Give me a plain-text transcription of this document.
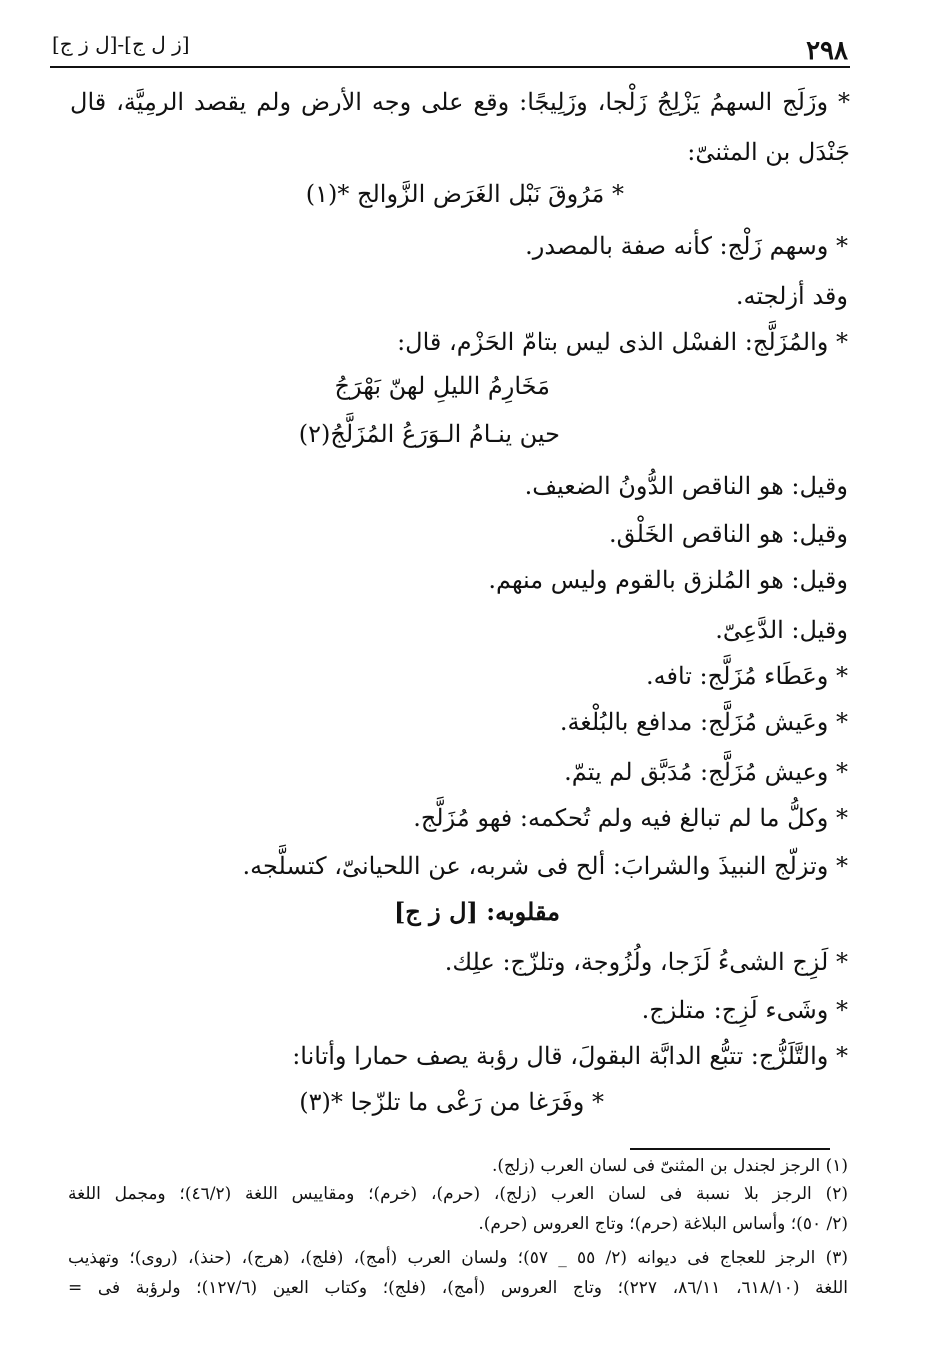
٢٩٨
[ز ل ج]-[ل ز ج]
* وزَلَج السهمُ يَزْلِجُ زَلْجا، وزَلِيجًا: وقع على وجه الأرض ولم يقصد الرمِيَّة، قال
جَنْدَل بن المثنىّ:
* مَرُوقَ نَبْل الغَرَض الزَّوالج *(١)
* وسهم زَلْج: كأنه صفة بالمصدر.
وقد أزلجته.
* والمُزَلَّج: الفسْل الذى ليس بتامّ الحَزْم، قال:
مَخَارِمُ الليلِ لهنّ بَهْرَجُ
حين ينـامُ الـوَرَعُ المُزَلَّجُ(٢)
وقيل: هو الناقص الدُّونُ الضعيف.
وقيل: هو الناقص الخَلْق.
وقيل: هو المُلزق بالقوم وليس منهم.
وقيل: الدَّعِىّ.
* وعَطَاء مُزَلَّج: تافه.
* وعَيش مُزَلَّج: مدافع بالبُلْغة.
* وعيش مُزَلَّج: مُدَبَّق لم يتمّ.
* وكلُّ ما لم تبالغ فيه ولم تُحكمه: فهو مُزَلَّج.
* وتزلّج النبيذَ والشرابَ: ألح فى شربه، عن اللحيانىّ، كتسلَّجه.
مقلوبه: [ل ز ج]
* لَزِج الشىءُ لَزَجا، ولُزُوجة، وتلزّج: علِك.
* وشَىء لَزِج: متلزج.
* والتَّلَزُّج: تتبُّع الدابَّة البقولَ، قال رؤبة يصف حمارا وأتانا:
* وفَرَغا من رَعْى ما تلزّجا *(٣)
(١) الرجز لجندل بن المثنىّ فى لسان العرب (زلج).
(٢) الرجز بلا نسبة فى لسان العرب (زلج)، (حرم)، (خرم)؛ ومقاييس اللغة (٤٦/٢)؛ ومجمل اللغة
(٢/ ٥٠)؛ وأساس البلاغة (حرم)؛ وتاج العروس (حرم).
(٣) الرجز للعجاج فى ديوانه (٢/ ٥٥ _ ٥٧)؛ ولسان العرب (أمج)، (فلج)، (هرج)، (حنذ)، (روى)؛ وتهذيب
اللغة (٦١٨/١٠، ٨٦/١١، ٢٢٧)؛ وتاج العروس (أمج)، (فلج)؛ وكتاب العين (١٢٧/٦)؛ ولرؤبة فى =
